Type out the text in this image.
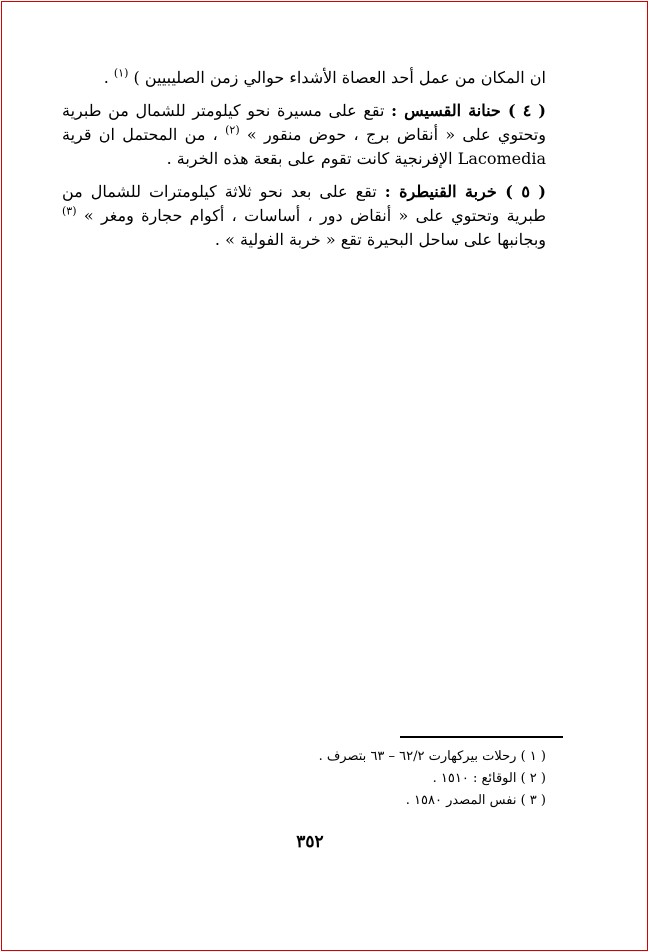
ان المكان من عمل أحد العصاة الأشداء حوالي زمن الصليبيين ) $^{(١)}$ .
( ٤ ) حنانة القسيس : تقع على مسيرة نحو كيلومتر للشمال من طبرية
وتحتوي على « أنقاض برج ، حوض منقور » $^{(٢)}$ ، من المحتمل ان قرية
Lacomedia الإفرنجية كانت تقوم على بقعة هذه الخربة .
( ٥ ) خربة القنيطرة : تقع على بعد نحو ثلاثة كيلومترات للشمال من
طبرية وتحتوي على « أنقاض دور ، أساسات ، أكوام حجارة ومغر » $^{(٣)}$
وبجانبها على ساحل البحيرة تقع « خربة الفولية » .
( ١ ) رحلات بيركهارت ٦٢/٢ – ٦٣ بتصرف .
( ٢ ) الوقائع : ١٥١٠ .
( ٣ ) نفس المصدر ١٥٨٠ .
٣٥٢
